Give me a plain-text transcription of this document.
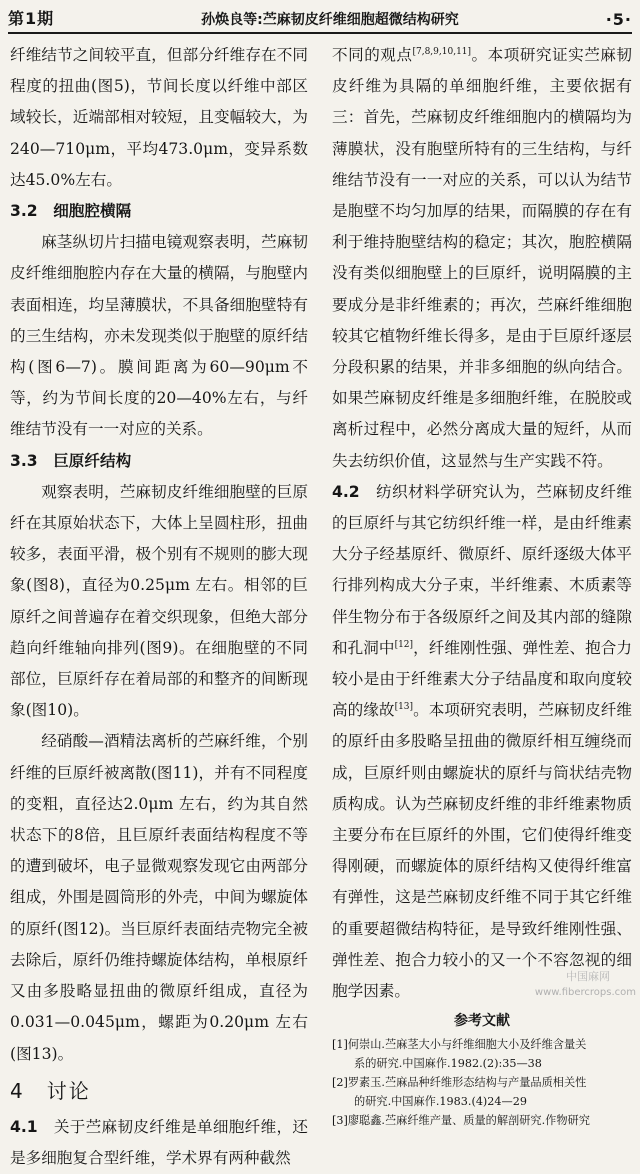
第1期	孙焕良等:苎麻韧皮纤维细胞超微结构研究	·5·

纤维结节之间较平直，但部分纤维存在不同程度的扭曲(图5)，节间长度以纤维中部区域较长，近端部相对较短，且变幅较大，为240—710μm，平均473.0μm，变异系数达45.0%左右。

3.2　细胞腔横隔

麻茎纵切片扫描电镜观察表明，苎麻韧皮纤维细胞腔内存在大量的横隔，与胞壁内表面相连，均呈薄膜状，不具备细胞壁特有的三生结构，亦未发现类似于胞壁的原纤结构(图6—7)。膜间距离为60—90μm不等，约为节间长度的20—40%左右，与纤维结节没有一一对应的关系。

3.3　巨原纤结构

观察表明，苎麻韧皮纤维细胞壁的巨原纤在其原始状态下，大体上呈圆柱形，扭曲较多，表面平滑，极个别有不规则的膨大现象(图8)，直径为0.25μm 左右。相邻的巨原纤之间普遍存在着交织现象，但绝大部分趋向纤维轴向排列(图9)。在细胞壁的不同部位，巨原纤存在着局部的和整齐的间断现象(图10)。

经硝酸—酒精法离析的苎麻纤维，个别纤维的巨原纤被离散(图11)，并有不同程度的变粗，直径达2.0μm 左右，约为其自然状态下的8倍，且巨原纤表面结构程度不等的遭到破坏，电子显微观察发现它由两部分组成，外围是圆筒形的外壳，中间为螺旋体的原纤(图12)。当巨原纤表面结壳物完全被去除后，原纤仍维持螺旋体结构，单根原纤又由多股略显扭曲的微原纤组成，直径为0.031—0.045μm，螺距为0.20μm 左右(图13)。

4　讨论

4.1　关于苎麻韧皮纤维是单细胞纤维，还是多细胞复合型纤维，学术界有两种截然

不同的观点[7,8,9,10,11]。本项研究证实苎麻韧皮纤维为具隔的单细胞纤维，主要依据有三：首先，苎麻韧皮纤维细胞内的横隔均为薄膜状，没有胞壁所特有的三生结构，与纤维结节没有一一对应的关系，可以认为结节是胞壁不均匀加厚的结果，而隔膜的存在有利于维持胞壁结构的稳定；其次，胞腔横隔没有类似细胞壁上的巨原纤，说明隔膜的主要成分是非纤维素的；再次，苎麻纤维细胞较其它植物纤维长得多，是由于巨原纤逐层分段积累的结果，并非多细胞的纵向结合。如果苎麻韧皮纤维是多细胞纤维，在脱胶或离析过程中，必然分离成大量的短纤，从而失去纺织价值，这显然与生产实践不符。

4.2　纺织材料学研究认为，苎麻韧皮纤维的巨原纤与其它纺织纤维一样，是由纤维素大分子经基原纤、微原纤、原纤逐级大体平行排列构成大分子束，半纤维素、木质素等伴生物分布于各级原纤之间及其内部的缝隙和孔洞中[12]，纤维刚性强、弹性差、抱合力较小是由于纤维素大分子结晶度和取向度较高的缘故[13]。本项研究表明，苎麻韧皮纤维的原纤由多股略呈扭曲的微原纤相互缠绕而成，巨原纤则由螺旋状的原纤与筒状结壳物质构成。认为苎麻韧皮纤维的非纤维素物质主要分布在巨原纤的外围，它们使得纤维变得刚硬，而螺旋体的原纤结构又使得纤维富有弹性，这是苎麻韧皮纤维不同于其它纤维的重要超微结构特征，是导致纤维刚性强、弹性差、抱合力较小的又一个不容忽视的细胞学因素。

参考文献
[1]何崇山.苎麻茎大小与纤维细胞大小及纤维含量关
系的研究.中国麻作.1982.(2):35—38
[2]罗素玉.苎麻品种纤维形态结构与产量品质相关性
的研究.中国麻作.1983.(4)24—29
[3]廖聪鑫.苎麻纤维产量、质量的解剖研究.作物研究
中国麻网
www.fibercrops.com
